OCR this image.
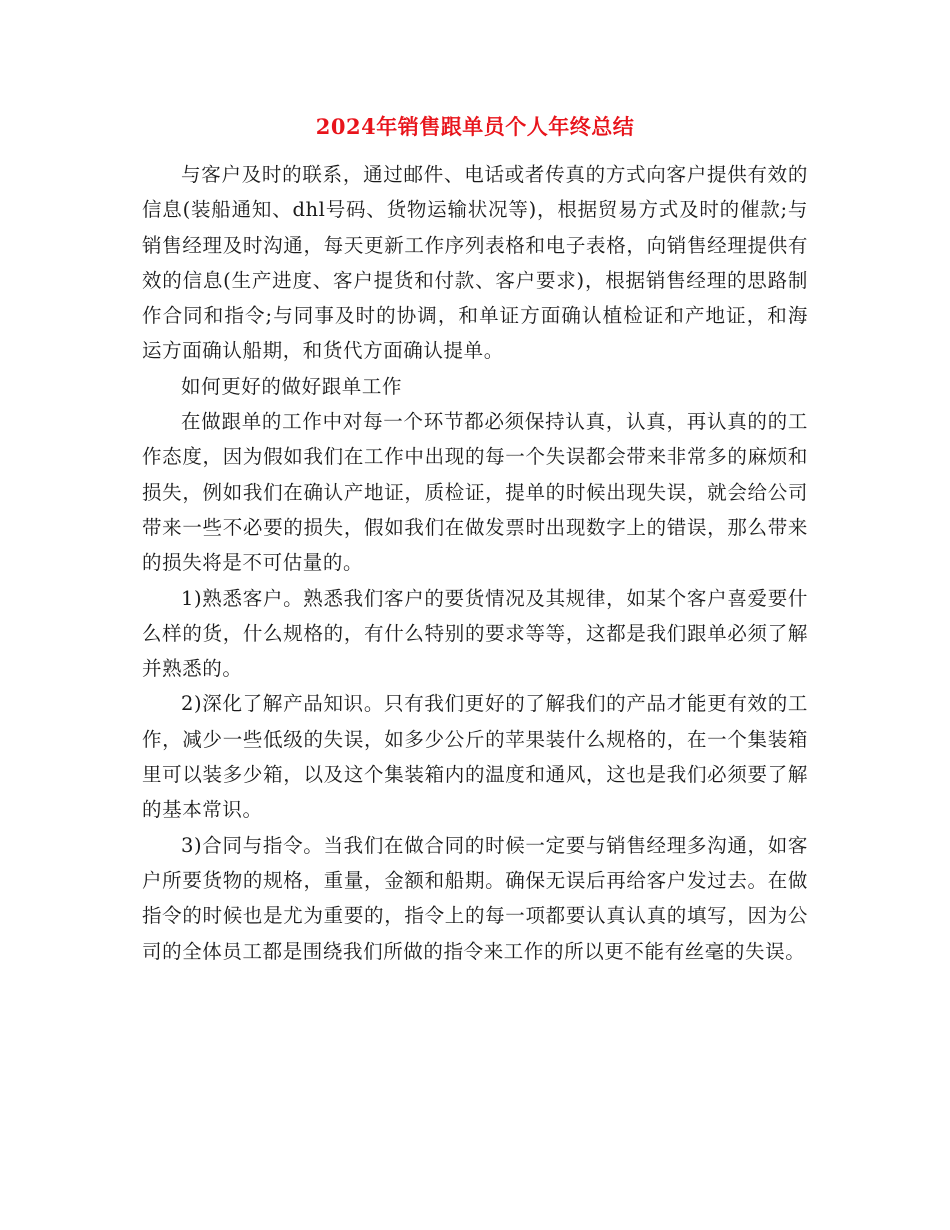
2024年销售跟单员个人年终总结

与客户及时的联系，通过邮件、电话或者传真的方式向客户提供有效的信息(装船通知、dhl号码、货物运输状况等)，根据贸易方式及时的催款;与销售经理及时沟通，每天更新工作序列表格和电子表格，向销售经理提供有效的信息(生产进度、客户提货和付款、客户要求)，根据销售经理的思路制作合同和指令;与同事及时的协调，和单证方面确认植检证和产地证，和海运方面确认船期，和货代方面确认提单。

如何更好的做好跟单工作

在做跟单的工作中对每一个环节都必须保持认真，认真，再认真的的工作态度，因为假如我们在工作中出现的每一个失误都会带来非常多的麻烦和损失，例如我们在确认产地证，质检证，提单的时候出现失误，就会给公司带来一些不必要的损失，假如我们在做发票时出现数字上的错误，那么带来的损失将是不可估量的。

1)熟悉客户。熟悉我们客户的要货情况及其规律，如某个客户喜爱要什么样的货，什么规格的，有什么特别的要求等等，这都是我们跟单必须了解并熟悉的。

2)深化了解产品知识。只有我们更好的了解我们的产品才能更有效的工作，减少一些低级的失误，如多少公斤的苹果装什么规格的，在一个集装箱里可以装多少箱，以及这个集装箱内的温度和通风，这也是我们必须要了解的基本常识。

3)合同与指令。当我们在做合同的时候一定要与销售经理多沟通，如客户所要货物的规格，重量，金额和船期。确保无误后再给客户发过去。在做指令的时候也是尤为重要的，指令上的每一项都要认真认真的填写，因为公司的全体员工都是围绕我们所做的指令来工作的所以更不能有丝毫的失误。
